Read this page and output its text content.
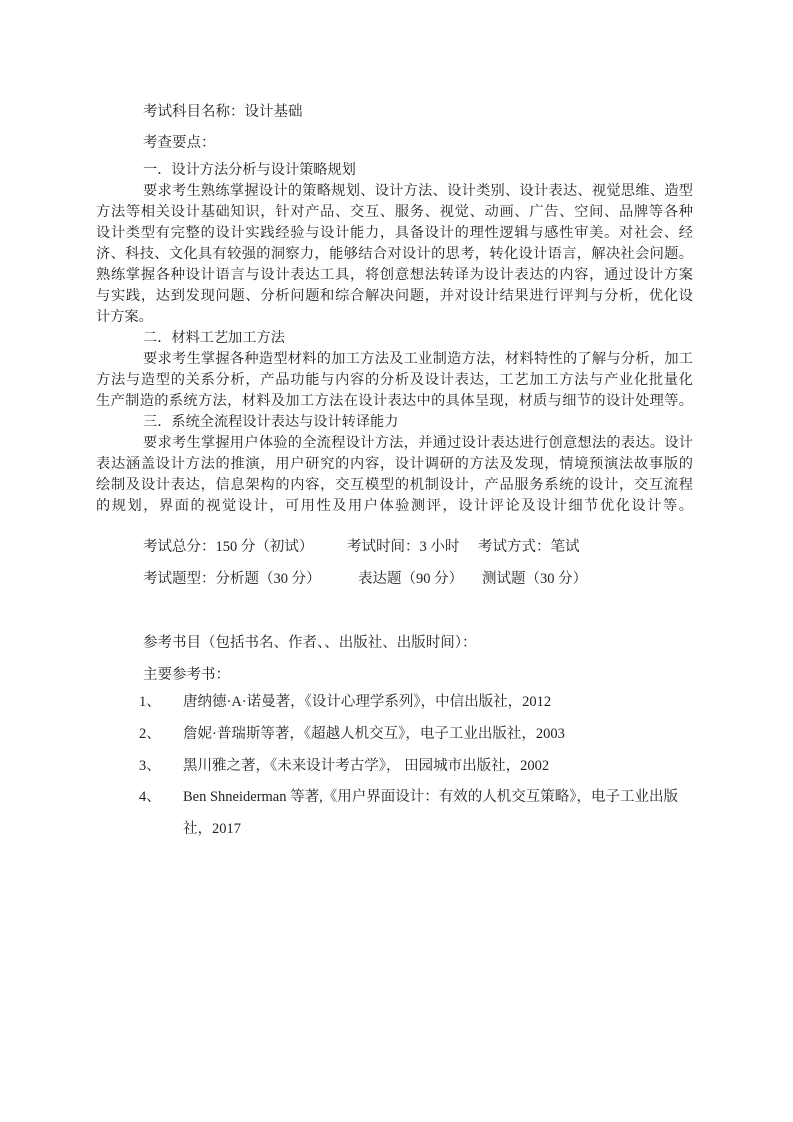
考试科目名称：设计基础
考查要点：
一．设计方法分析与设计策略规划
要求考生熟练掌握设计的策略规划、设计方法、设计类别、设计表达、视觉思维、造型
方法等相关设计基础知识，针对产品、交互、服务、视觉、动画、广告、空间、品牌等各种
设计类型有完整的设计实践经验与设计能力，具备设计的理性逻辑与感性审美。对社会、经
济、科技、文化具有较强的洞察力，能够结合对设计的思考，转化设计语言，解决社会问题。
熟练掌握各种设计语言与设计表达工具，将创意想法转译为设计表达的内容，通过设计方案
与实践，达到发现问题、分析问题和综合解决问题，并对设计结果进行评判与分析，优化设
计方案。
二．材料工艺加工方法
要求考生掌握各种造型材料的加工方法及工业制造方法，材料特性的了解与分析，加工
方法与造型的关系分析，产品功能与内容的分析及设计表达，工艺加工方法与产业化批量化
生产制造的系统方法，材料及加工方法在设计表达中的具体呈现，材质与细节的设计处理等。
三．系统全流程设计表达与设计转译能力
要求考生掌握用户体验的全流程设计方法，并通过设计表达进行创意想法的表达。设计
表达涵盖设计方法的推演，用户研究的内容，设计调研的方法及发现，情境预演法故事版的
绘制及设计表达，信息架构的内容，交互模型的机制设计，产品服务系统的设计，交互流程
的规划，界面的视觉设计，可用性及用户体验测评，设计评论及设计细节优化设计等。
考试总分：150 分（初试） 考试时间：3 小时 考试方式：笔试
考试题型：分析题（30 分）	表达题（90 分） 测试题（30 分）
参考书目（包括书名、作者、、出版社、出版时间）：
主要参考书：
1、	唐纳德·A·诺曼著，《设计心理学系列》，中信出版社，2012
2、	詹妮·普瑞斯等著，《超越人机交互》，电子工业出版社，2003
3、	黑川雅之著，《未来设计考古学》， 田园城市出版社，2002
4、	Ben Shneiderman 等著,《用户界面设计：有效的人机交互策略》，电子工业出版
社，2017
